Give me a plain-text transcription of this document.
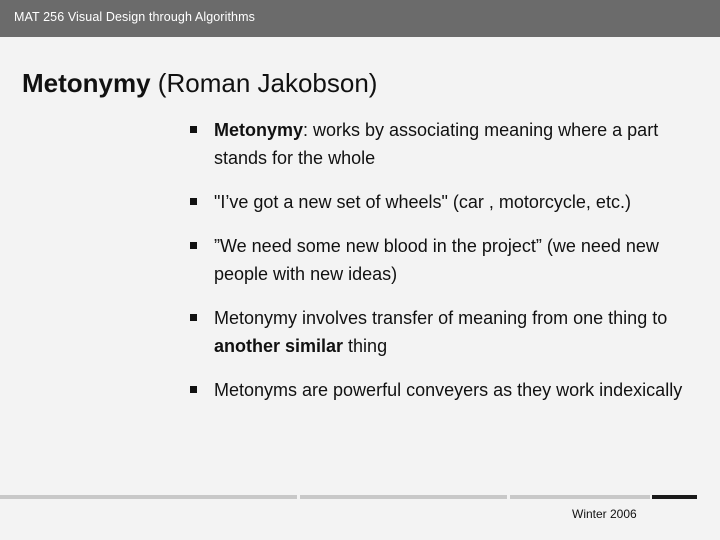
MAT 256 Visual Design through Algorithms
Metonymy (Roman Jakobson)
Metonymy: works by associating meaning where a part stands for the whole
"I’ve got a new set of wheels" (car , motorcycle, etc.)
”We need some new blood in the project” (we need new people with new ideas)
Metonymy involves transfer of meaning from one thing to another similar thing
Metonyms are powerful conveyers as they work indexically
Winter 2006
